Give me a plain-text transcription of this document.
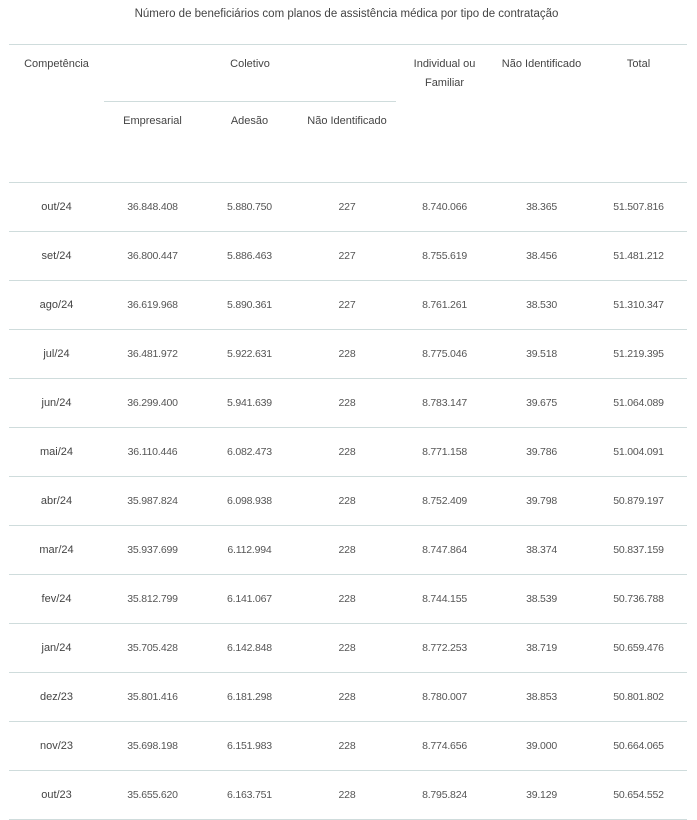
Número de beneficiários com planos de assistência médica por tipo de contratação
Competência	Coletivo			Individual ou Familiar	Não Identificado	Total
	Empresarial	Adesão	Não Identificado			
out/24	36.848.408	5.880.750	227	8.740.066	38.365	51.507.816
set/24	36.800.447	5.886.463	227	8.755.619	38.456	51.481.212
ago/24	36.619.968	5.890.361	227	8.761.261	38.530	51.310.347
jul/24	36.481.972	5.922.631	228	8.775.046	39.518	51.219.395
jun/24	36.299.400	5.941.639	228	8.783.147	39.675	51.064.089
mai/24	36.110.446	6.082.473	228	8.771.158	39.786	51.004.091
abr/24	35.987.824	6.098.938	228	8.752.409	39.798	50.879.197
mar/24	35.937.699	6.112.994	228	8.747.864	38.374	50.837.159
fev/24	35.812.799	6.141.067	228	8.744.155	38.539	50.736.788
jan/24	35.705.428	6.142.848	228	8.772.253	38.719	50.659.476
dez/23	35.801.416	6.181.298	228	8.780.007	38.853	50.801.802
nov/23	35.698.198	6.151.983	228	8.774.656	39.000	50.664.065
out/23	35.655.620	6.163.751	228	8.795.824	39.129	50.654.552
